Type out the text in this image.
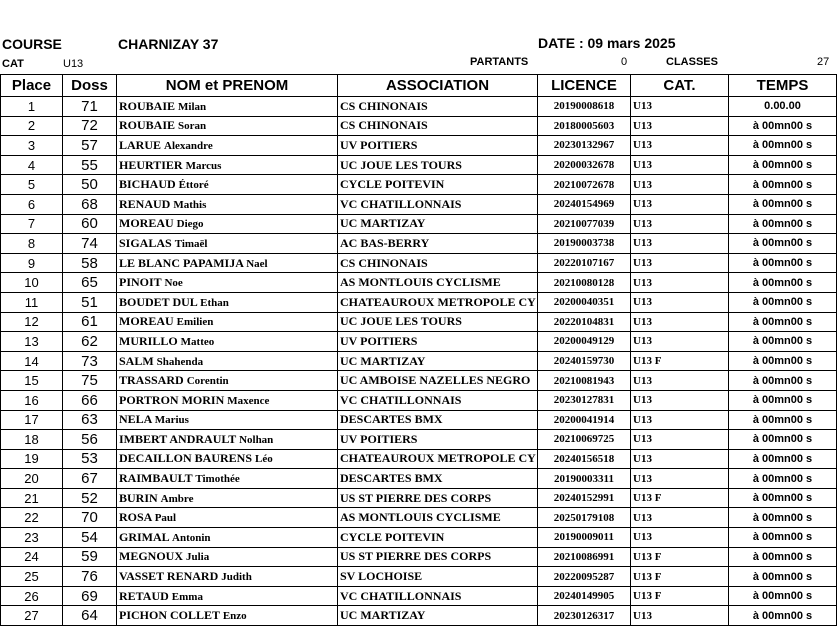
COURSE	CHARNIZAY 37	DATE : 09 mars 2025
CAT	U13	PARTANTS	0	CLASSES	27
Place	Doss	NOM et PRENOM	ASSOCIATION	LICENCE	CAT.	TEMPS
1	71	ROUBAIE Milan	CS CHINONAIS	20190008618	U13	0.00.00
2	72	ROUBAIE Soran	CS CHINONAIS	20180005603	U13	à 00mn00 s
3	57	LARUE Alexandre	UV POITIERS	20230132967	U13	à 00mn00 s
4	55	HEURTIER Marcus	UC JOUE LES TOURS	20200032678	U13	à 00mn00 s
5	50	BICHAUD Éttoré	CYCLE POITEVIN	20210072678	U13	à 00mn00 s
6	68	RENAUD Mathis	VC CHATILLONNAIS	20240154969	U13	à 00mn00 s
7	60	MOREAU Diego	UC MARTIZAY	20210077039	U13	à 00mn00 s
8	74	SIGALAS Timaël	AC BAS-BERRY	20190003738	U13	à 00mn00 s
9	58	LE BLANC PAPAMIJA Nael	CS CHINONAIS	20220107167	U13	à 00mn00 s
10	65	PINOIT Noe	AS MONTLOUIS CYCLISME	20210080128	U13	à 00mn00 s
11	51	BOUDET DUL Ethan	CHATEAUROUX METROPOLE CY	20200040351	U13	à 00mn00 s
12	61	MOREAU Emilien	UC JOUE LES TOURS	20220104831	U13	à 00mn00 s
13	62	MURILLO Matteo	UV POITIERS	20200049129	U13	à 00mn00 s
14	73	SALM Shahenda	UC MARTIZAY	20240159730	U13 F	à 00mn00 s
15	75	TRASSARD Corentin	UC AMBOISE NAZELLES NEGRO	20210081943	U13	à 00mn00 s
16	66	PORTRON MORIN Maxence	VC CHATILLONNAIS	20230127831	U13	à 00mn00 s
17	63	NELA Marius	DESCARTES BMX	20200041914	U13	à 00mn00 s
18	56	IMBERT ANDRAULT Nolhan	UV POITIERS	20210069725	U13	à 00mn00 s
19	53	DECAILLON BAURENS Léo	CHATEAUROUX METROPOLE CY	20240156518	U13	à 00mn00 s
20	67	RAIMBAULT Timothée	DESCARTES BMX	20190003311	U13	à 00mn00 s
21	52	BURIN Ambre	US ST PIERRE DES CORPS	20240152991	U13 F	à 00mn00 s
22	70	ROSA Paul	AS MONTLOUIS CYCLISME	20250179108	U13	à 00mn00 s
23	54	GRIMAL Antonin	CYCLE POITEVIN	20190009011	U13	à 00mn00 s
24	59	MEGNOUX Julia	US ST PIERRE DES CORPS	20210086991	U13 F	à 00mn00 s
25	76	VASSET RENARD Judith	SV LOCHOISE	20220095287	U13 F	à 00mn00 s
26	69	RETAUD Emma	VC CHATILLONNAIS	20240149905	U13 F	à 00mn00 s
27	64	PICHON COLLET Enzo	UC MARTIZAY	20230126317	U13	à 00mn00 s
